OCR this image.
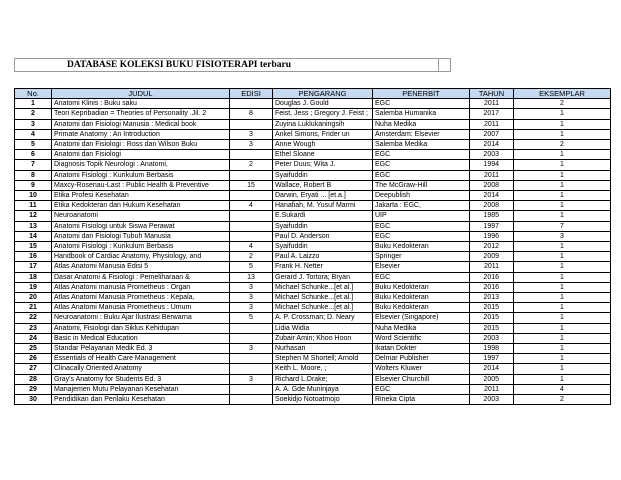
DATABASE KOLEKSI BUKU FISIOTERAPI terbaru
No.	JUDUL	EDISI	PENGARANG	PENERBIT	TAHUN	EKSEMPLAR
1	Anatomi Klinis : Buku saku		Douglas J. Gould	EGC	2011	2
2	Teori Kepribadian = Theories of Personality .Jil. 2	8	Feist, Jess ; Gregory J. Feist ;	Salemba Humanika	2017	1
3	Anatomi dan Fisiologi Manusia : Medical book		Zuyina Luklukaningsih	Nuha Medika	2011	1
4	Primate Anatomy : An Introduction	3	Ankel Simons, Frider un	Amsterdam: Elsevier	2007	1
5	Anatomi dan Fisiologi : Ross dan Wilson Buku	3	Anne Wough	Salemba Medika	2014	2
6	Anatomi dan Fisiologi		Ethel Sloane	EGC	2003	1
7	Diagnosis Topik Neurologi : Anatomi,	2	Peter Duus; Wita J.	EGC	1994	1
8	Anatomi Fisiologi : Kurikulum Berbasis		Syaifuddin	EGC	2011	1
9	Maxcy-Rosenau-Last : Public Health & Preventive	15	Wallace, Robert B	The McGraw-Hill	2008	1
10	Etika Profesi Kesehatan		Darwin, Eryati ... [et.a.]	Deepublish	2014	1
11	Etika Kedokteran dan Hukum Kesehatan	4	Hanafiah, M. Yusuf Marmi	Jakarta : EGC,	2008	1
12	Neuroanatomi		E.Sukardi	UIP	1985	1
13	Anatomi Fisiologi untuk Siswa Perawat		Syaifuddin	EGC	1997	7
14	Anatomi dan Fisiologi Tubuh Manusia		Paul D. Anderson	EGC	1996	3
15	Anatomi Fisiologi : Kurikulum Berbasis	4	Syaifuddin	Buku Kedokteran	2012	1
16	Handbook of Cardiac Anatomy, Physiology, and	2	Paul A. Laizzo	Springer	2009	1
17	Atlas Anatomi Manusia Edisi 5	5	Frank H. Netter	Elsevier	2011	1
18	Dasar Anatomi & Fisiologi : Pemeliharaan &	13	Gerard J. Tortora; Bryan	EGC	2016	1
19	Atlas Anatomi manusia Prometheus : Organ	3	Michael Schunke...[et al.]	Buku Kedokteran	2016	1
20	Atlas Anatomi Manusia Prometheus : Kepala,	3	Michael Schunke...[et al.]	Buku Kedokteran	2013	1
21	Atlas Anatomi Manusia Prometheus : Umum	3	Michael Schunke...[et al.]	Buku Kedokteran	2015	1
22	Neuroanatomi : Buku Ajar Ilustrasi Berwarna	5	A. P. Crossman; D. Neary	Elsevier (Singapore)	2015	1
23	Anatomi, Fisiologi dan Siklus Kehidupan		Lidia Widia	Nuha Medika	2015	1
24	Basic in Medical Education		Zubair Amin; Khoo Hoon	Word Scientific	2003	1
25	Standar Pelayanan Medik Ed. 3	3	Nurhasan	Ikatan Dokter	1998	1
26	Essentials of Health Care Management		Stephen M Shortell; Arnold	Delmar Publisher	1997	1
27	Clinacally Oriented Anatomy		Keith L. Moore, ;	Wolters Kluwer	2014	1
28	Gray's Anatomy for Students Ed. 3	3	Richard L.Drake;	Elsevier Churchill	2005	1
29	Manajemen Mutu Pelayanan Kesehatan		A. A. Gde Muninjaya	EGC	2011	4
30	Pendidikan dan Perilaku Kesehatan		Soekidjo Notoatmojo	Rineka Cipta	2003	2
